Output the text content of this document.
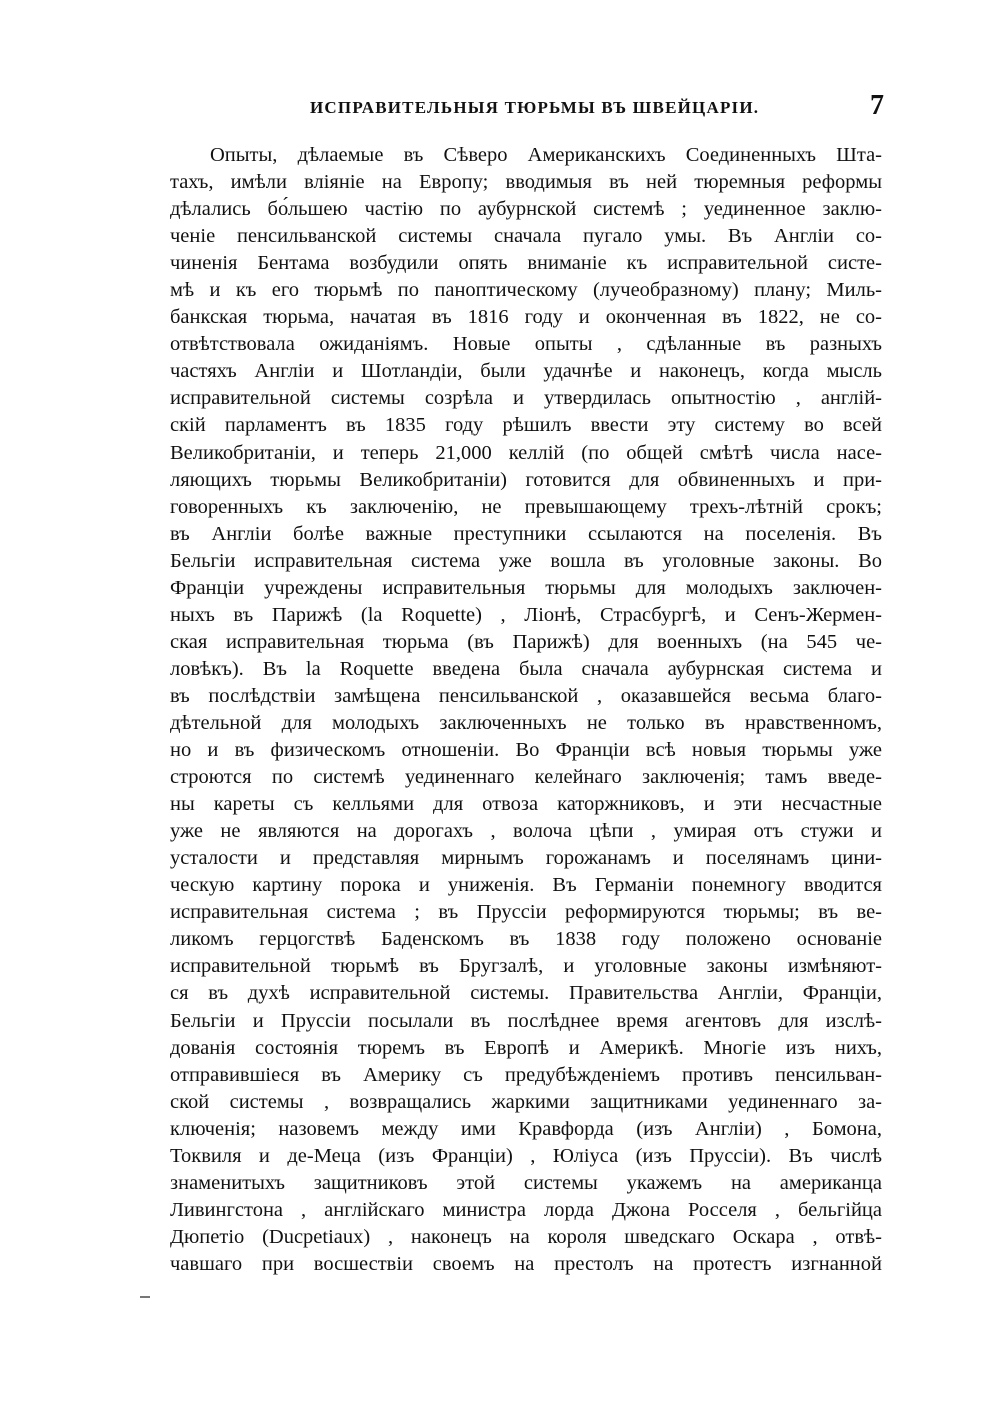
ИСПРАВИТЕЛЬНЫЯ ТЮРЬМЫ ВЪ ШВЕЙЦАРІИ.	7
Опыты, дѣлаемые въ Сѣверо Американскихъ Соединенныхъ Шта-
тахъ, имѣли вліяніе на Европу; вводимыя въ ней тюремныя реформы
дѣлались бо́льшею частію по аубурнской системѣ ; уединенное заклю-
ченіе пенсильванской системы сначала пугало умы. Въ Англіи со-
чиненія Бентама возбудили опять вниманіе къ исправительной систе-
мѣ и къ его тюрьмѣ по паноптическому (лучеобразному) плану; Миль-
банкская тюрьма, начатая въ 1816 году и оконченная въ 1822, не со-
отвѣтствовала ожиданіямъ. Новые опыты , сдѣланные въ разныхъ
частяхъ Англіи и Шотландіи, были удачнѣе и наконецъ, когда мысль
исправительной системы созрѣла и утвердилась опытностію , англій-
скій парламентъ въ 1835 году рѣшилъ ввести эту систему во всей
Великобританіи, и теперь 21,000 келлій (по общей смѣтѣ числа насе-
ляющихъ тюрьмы Великобританіи) готовится для обвиненныхъ и при-
говоренныхъ къ заключенію, не превышающему трехъ-лѣтній срокъ;
въ Англіи болѣе важные преступники ссылаются на поселенія. Въ
Бельгіи исправительная система уже вошла въ уголовные законы. Во
Франціи учреждены исправительныя тюрьмы для молодыхъ заключен-
ныхъ въ Парижѣ (la Roquette) , Ліонѣ, Страсбургѣ, и Сенъ-Жермен-
ская исправительная тюрьма (въ Парижѣ) для военныхъ (на 545 че-
ловѣкъ). Въ la Roquette введена была сначала аубурнская система и
въ послѣдствіи замѣщена пенсильванской , оказавшейся весьма благо-
дѣтельной для молодыхъ заключенныхъ не только въ нравственномъ,
но и въ физическомъ отношеніи. Во Франціи всѣ новыя тюрьмы уже
строются по системѣ уединеннаго келейнаго заключенія; тамъ введе-
ны кареты съ келльями для отвоза каторжниковъ, и эти несчастные
уже не являются на дорогахъ , волоча цѣпи , умирая отъ стужи и
усталости и представляя мирнымъ горожанамъ и поселянамъ цини-
ческую картину порока и униженія. Въ Германіи понемногу вводится
исправительная система ; въ Пруссіи реформируются тюрьмы; въ ве-
ликомъ герцогствѣ Баденскомъ въ 1838 году положено основаніе
исправительной тюрьмѣ въ Бругзалѣ, и уголовные законы измѣняют-
ся въ духѣ исправительной системы. Правительства Англіи, Франціи,
Бельгіи и Пруссіи посылали въ послѣднее время агентовъ для изслѣ-
дованія состоянія тюремъ въ Европѣ и Америкѣ. Многіе изъ нихъ,
отправившіеся въ Америку съ предубѣжденіемъ противъ пенсильван-
ской системы , возвращались жаркими защитниками уединеннаго за-
ключенія; назовемъ между ими Кравфорда (изъ Англіи) , Бомона,
Токвиля и де-Меца (изъ Франціи) , Юліуса (изъ Пруссіи). Въ числѣ
знаменитыхъ защитниковъ этой системы укажемъ на американца
Ливингстона , англійскаго министра лорда Джона Росселя , бельгійца
Дюпетіо (Ducpetiaux) , наконецъ на короля шведскаго Оскара , отвѣ-
чавшаго при восшествіи своемъ на престолъ на протестъ изгнанной
